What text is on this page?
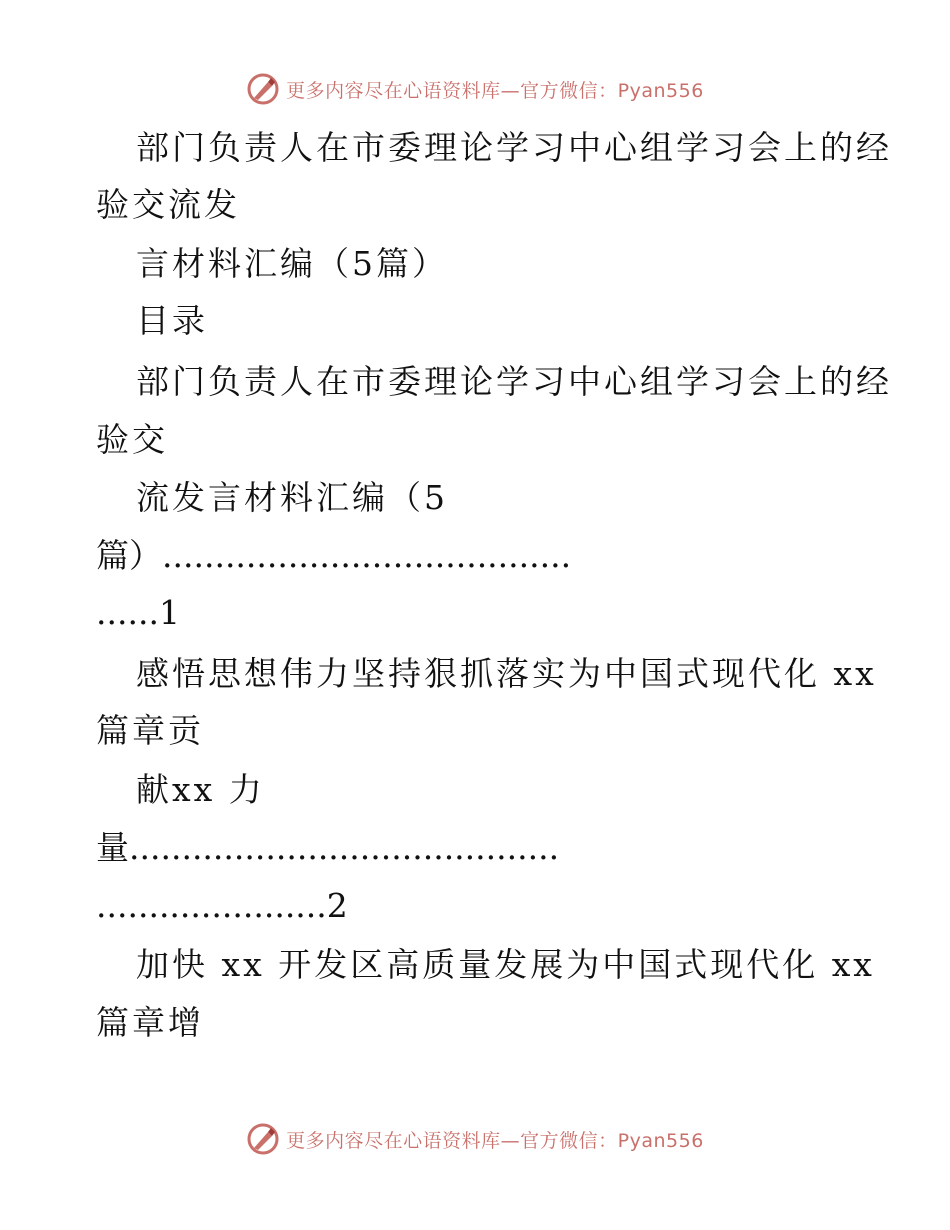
更多内容尽在心语资料库—官方微信：Pyan556
部门负责人在市委理论学习中心组学习会上的经
验交流发
言材料汇编（5篇）
目录
部门负责人在市委理论学习中心组学习会上的经
验交
流发言材料汇编（5
篇）.......................................
......1
感悟思想伟力坚持狠抓落实为中国式现代化 xx
篇章贡
献xx 力
量.........................................
......................2
加快 xx 开发区高质量发展为中国式现代化 xx
篇章增
更多内容尽在心语资料库—官方微信：Pyan556
